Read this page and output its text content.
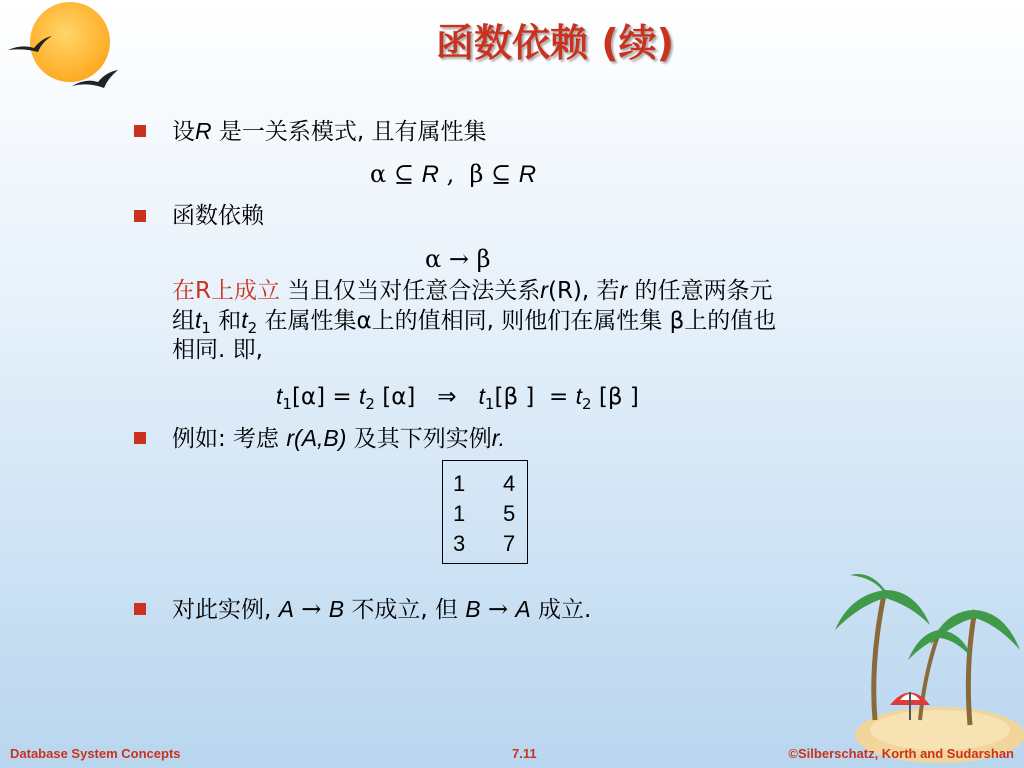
函数依赖 (续)
设R 是一关系模式, 且有属性集
α ⊆ R , β ⊆ R
函数依赖
α → β
在R上成立 当且仅当对任意合法关系r(R), 若r 的任意两条元
组$t_1$ 和$t_2$ 在属性集α上的值相同, 则他们在属性集 β上的值也
相同. 即,
$t_1[\alpha] = t_2$ [α]   ⇒ $t_1[\beta$ ]  = $t_2$ [β ]
例如: 考虑 r(A,B) 及其下列实例r.
1 4
1 5
3 7
对此实例, A → B 不成立, 但 B → A 成立.
Database System Concepts	7.11	©Silberschatz, Korth and Sudarshan
